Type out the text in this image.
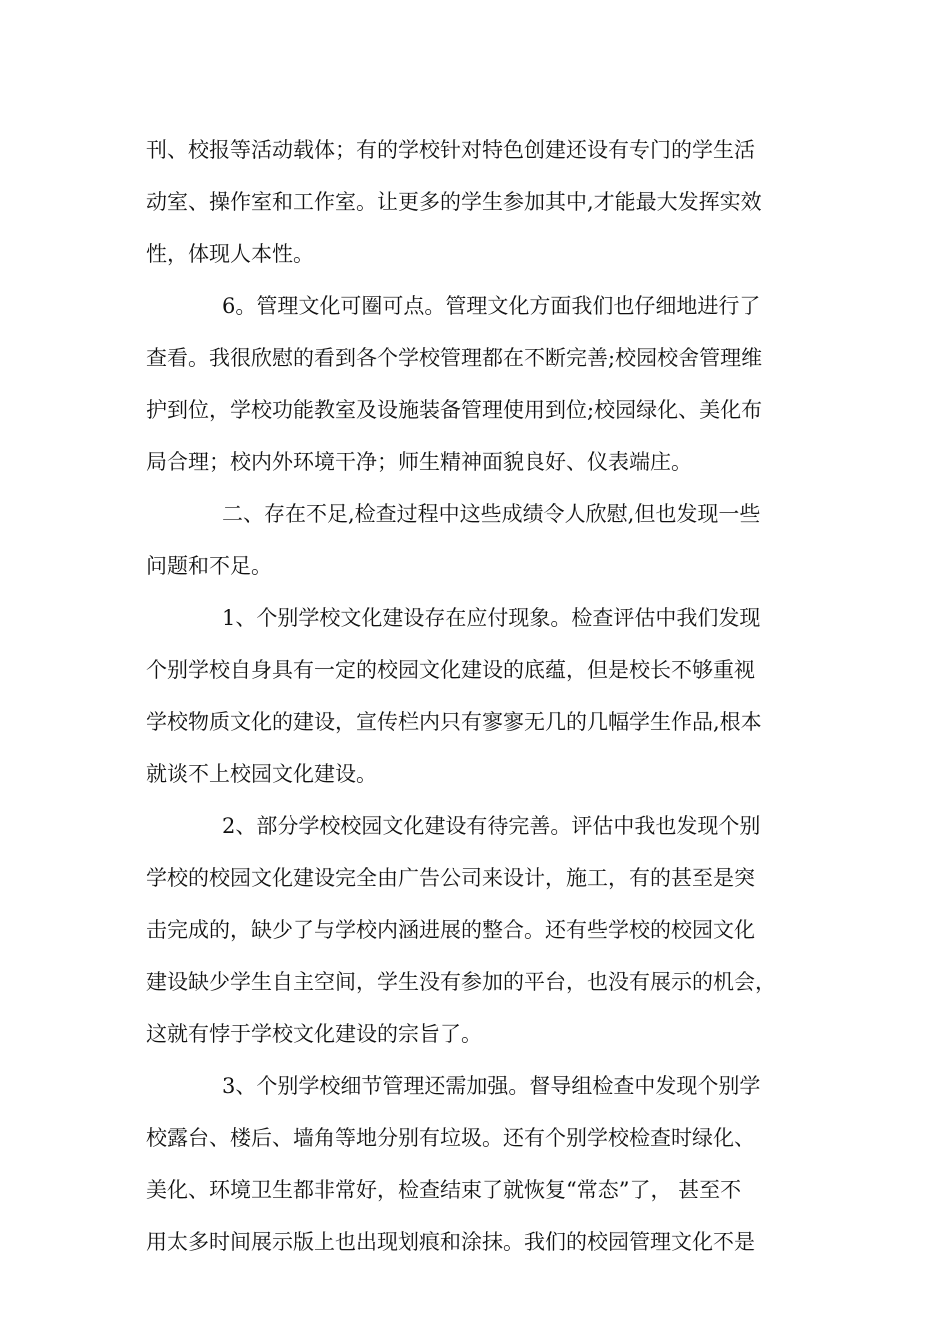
刊、校报等活动载体；有的学校针对特色创建还设有专门的学生活
动室、操作室和工作室。让更多的学生参加其中,才能最大发挥实效
性，体现人本性。
6。管理文化可圈可点。管理文化方面我们也仔细地进行了
查看。我很欣慰的看到各个学校管理都在不断完善;校园校舍管理维
护到位，学校功能教室及设施装备管理使用到位;校园绿化、美化布
局合理；校内外环境干净；师生精神面貌良好、仪表端庄。
二、存在不足,检查过程中这些成绩令人欣慰,但也发现一些
问题和不足。
1、个别学校文化建设存在应付现象。检查评估中我们发现
个别学校自身具有一定的校园文化建设的底蕴，但是校长不够重视
学校物质文化的建设，宣传栏内只有寥寥无几的几幅学生作品,根本
就谈不上校园文化建设。
2、部分学校校园文化建设有待完善。评估中我也发现个别
学校的校园文化建设完全由广告公司来设计，施工，有的甚至是突
击完成的，缺少了与学校内涵进展的整合。还有些学校的校园文化
建设缺少学生自主空间，学生没有参加的平台，也没有展示的机会，
这就有悖于学校文化建设的宗旨了。
3、个别学校细节管理还需加强。督导组检查中发现个别学
校露台、楼后、墙角等地分别有垃圾。还有个别学校检查时绿化、
美化、环境卫生都非常好，检查结束了就恢复“常态”了， 甚至不
用太多时间展示版上也出现划痕和涂抹。我们的校园管理文化不是
